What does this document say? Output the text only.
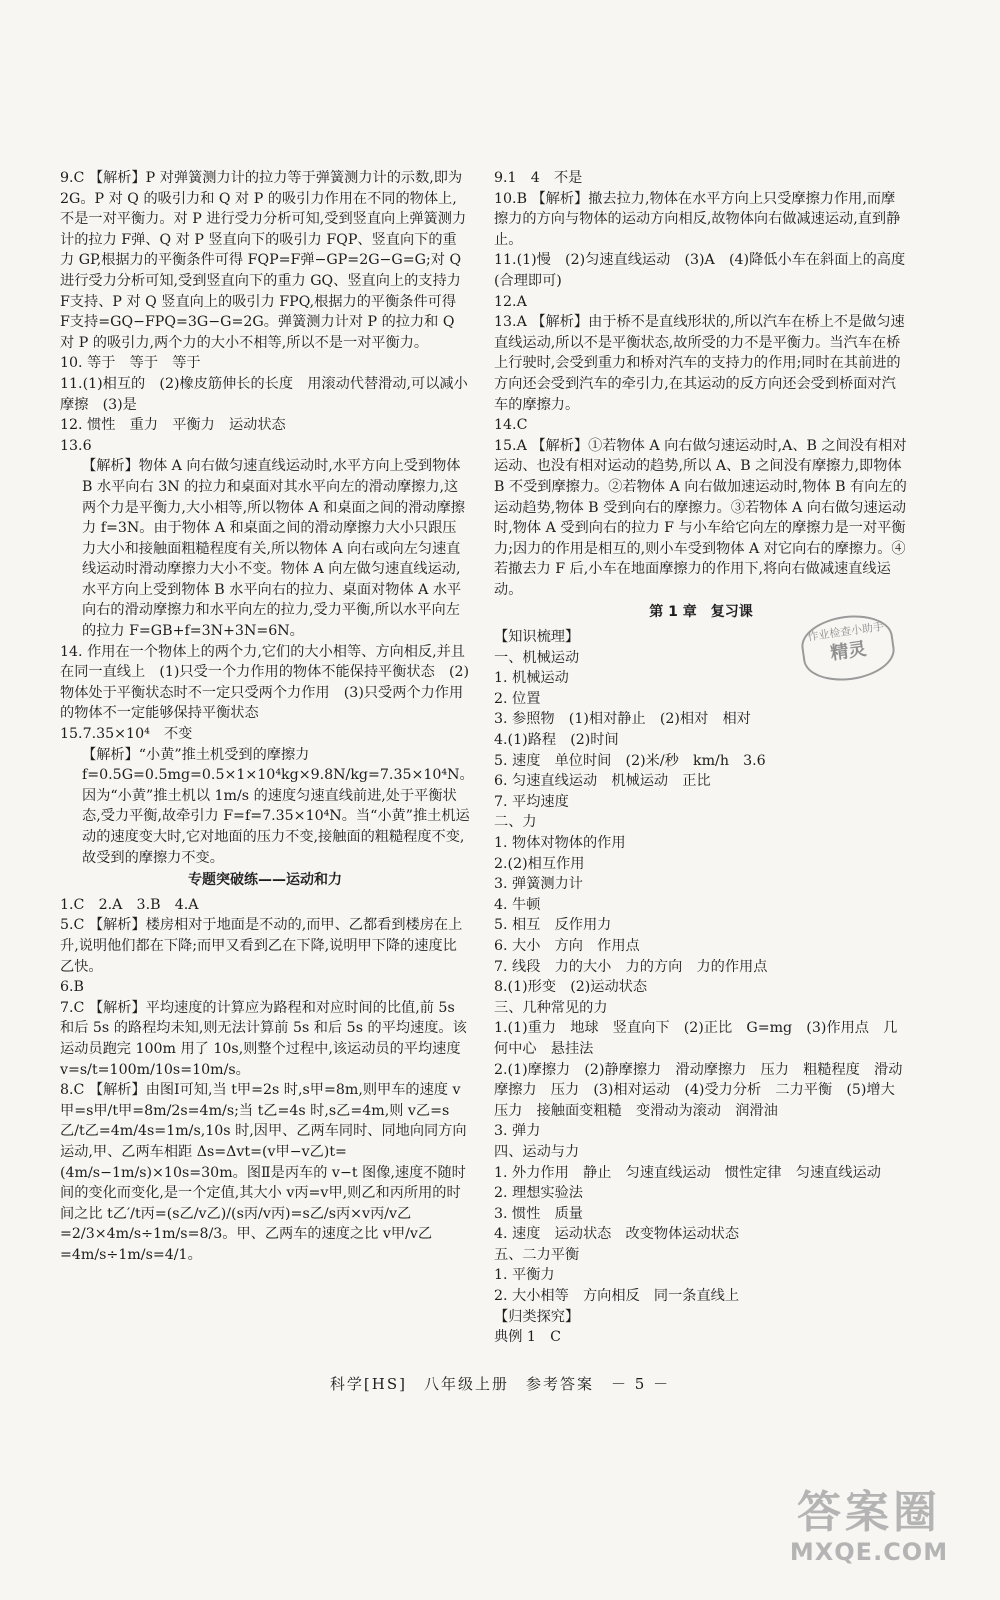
9.C 【解析】P 对弹簧测力计的拉力等于弹簧测力计的示数,即为 2G。P 对 Q 的吸引力和 Q 对 P 的吸引力作用在不同的物体上,不是一对平衡力。对 P 进行受力分析可知,受到竖直向上弹簧测力计的拉力 F弹、Q 对 P 竖直向下的吸引力 FQP、竖直向下的重力 GP,根据力的平衡条件可得 FQP=F弹−GP=2G−G=G;对 Q 进行受力分析可知,受到竖直向下的重力 GQ、竖直向上的支持力 F支持、P 对 Q 竖直向上的吸引力 FPQ,根据力的平衡条件可得 F支持=GQ−FPQ=3G−G=2G。弹簧测力计对 P 的拉力和 Q 对 P 的吸引力,两个力的大小不相等,所以不是一对平衡力。
10. 等于　等于　等于
11.(1)相互的　(2)橡皮筋伸长的长度　用滚动代替滑动,可以减小摩擦　(3)是
12. 惯性　重力　平衡力　运动状态
13.6
【解析】物体 A 向右做匀速直线运动时,水平方向上受到物体 B 水平向右 3N 的拉力和桌面对其水平向左的滑动摩擦力,这两个力是平衡力,大小相等,所以物体 A 和桌面之间的滑动摩擦力 f=3N。由于物体 A 和桌面之间的滑动摩擦力大小只跟压力大小和接触面粗糙程度有关,所以物体 A 向右或向左匀速直线运动时滑动摩擦力大小不变。物体 A 向左做匀速直线运动,水平方向上受到物体 B 水平向右的拉力、桌面对物体 A 水平向右的滑动摩擦力和水平向左的拉力,受力平衡,所以水平向左的拉力 F=GB+f=3N+3N=6N。
14. 作用在一个物体上的两个力,它们的大小相等、方向相反,并且在同一直线上　(1)只受一个力作用的物体不能保持平衡状态　(2)物体处于平衡状态时不一定只受两个力作用　(3)只受两个力作用的物体不一定能够保持平衡状态
15.7.35×10⁴　不变
【解析】“小黄”推土机受到的摩擦力 f=0.5G=0.5mg=0.5×1×10⁴kg×9.8N/kg=7.35×10⁴N。因为“小黄”推土机以 1m/s 的速度匀速直线前进,处于平衡状态,受力平衡,故牵引力 F=f=7.35×10⁴N。当“小黄”推土机运动的速度变大时,它对地面的压力不变,接触面的粗糙程度不变,故受到的摩擦力不变。
专题突破练——运动和力
1.C　2.A　3.B　4.A
5.C 【解析】楼房相对于地面是不动的,而甲、乙都看到楼房在上升,说明他们都在下降;而甲又看到乙在下降,说明甲下降的速度比乙快。
6.B
7.C 【解析】平均速度的计算应为路程和对应时间的比值,前 5s 和后 5s 的路程均未知,则无法计算前 5s 和后 5s 的平均速度。该运动员跑完 100m 用了 10s,则整个过程中,该运动员的平均速度 v=s/t=100m/10s=10m/s。
8.C 【解析】由图Ⅰ可知,当 t甲=2s 时,s甲=8m,则甲车的速度 v甲=s甲/t甲=8m/2s=4m/s;当 t乙=4s 时,s乙=4m,则 v乙=s乙/t乙=4m/4s=1m/s,10s 时,因甲、乙两车同时、同地向同方向运动,甲、乙两车相距 Δs=Δvt=(v甲−v乙)t=(4m/s−1m/s)×10s=30m。图Ⅱ是丙车的 v−t 图像,速度不随时间的变化而变化,是一个定值,其大小 v丙=v甲,则乙和丙所用的时间之比 t乙′/t丙=(s乙/v乙)/(s丙/v丙)=s乙/s丙×v丙/v乙=2/3×4m/s÷1m/s=8/3。甲、乙两车的速度之比 v甲/v乙=4m/s÷1m/s=4/1。
9.1　4　不是
10.B 【解析】撤去拉力,物体在水平方向上只受摩擦力作用,而摩擦力的方向与物体的运动方向相反,故物体向右做减速运动,直到静止。
11.(1)慢　(2)匀速直线运动　(3)A　(4)降低小车在斜面上的高度(合理即可)
12.A
13.A 【解析】由于桥不是直线形状的,所以汽车在桥上不是做匀速直线运动,所以不是平衡状态,故所受的力不是平衡力。当汽车在桥上行驶时,会受到重力和桥对汽车的支持力的作用;同时在其前进的方向还会受到汽车的牵引力,在其运动的反方向还会受到桥面对汽车的摩擦力。
14.C
15.A 【解析】①若物体 A 向右做匀速运动时,A、B 之间没有相对运动、也没有相对运动的趋势,所以 A、B 之间没有摩擦力,即物体 B 不受到摩擦力。②若物体 A 向右做加速运动时,物体 B 有向左的运动趋势,物体 B 受到向右的摩擦力。③若物体 A 向右做匀速运动时,物体 A 受到向右的拉力 F 与小车给它向左的摩擦力是一对平衡力;因力的作用是相互的,则小车受到物体 A 对它向右的摩擦力。④若撤去力 F 后,小车在地面摩擦力的作用下,将向右做减速直线运动。
第 1 章　复习课
【知识梳理】
一、机械运动
1. 机械运动
2. 位置
3. 参照物　(1)相对静止　(2)相对　相对
4.(1)路程　(2)时间
5. 速度　单位时间　(2)米/秒　km/h　3.6
6. 匀速直线运动　机械运动　正比
7. 平均速度
二、力
1. 物体对物体的作用
2.(2)相互作用
3. 弹簧测力计
4. 牛顿
5. 相互　反作用力
6. 大小　方向　作用点
7. 线段　力的大小　力的方向　力的作用点
8.(1)形变　(2)运动状态
三、几种常见的力
1.(1)重力　地球　竖直向下　(2)正比　G=mg　(3)作用点　几何中心　悬挂法
2.(1)摩擦力　(2)静摩擦力　滑动摩擦力　压力　粗糙程度　滑动摩擦力　压力　(3)相对运动　(4)受力分析　二力平衡　(5)增大压力　接触面变粗糙　变滑动为滚动　润滑油
3. 弹力
四、运动与力
1. 外力作用　静止　匀速直线运动　惯性定律　匀速直线运动
2. 理想实验法
3. 惯性　质量
4. 速度　运动状态　改变物体运动状态
五、二力平衡
1. 平衡力
2. 大小相等　方向相反　同一条直线上
【归类探究】
典例 1　C
作业检查小助手
精灵
科学[HS]　八年级上册　参考答案　－ 5 －
答案圈
MXQE.COM
